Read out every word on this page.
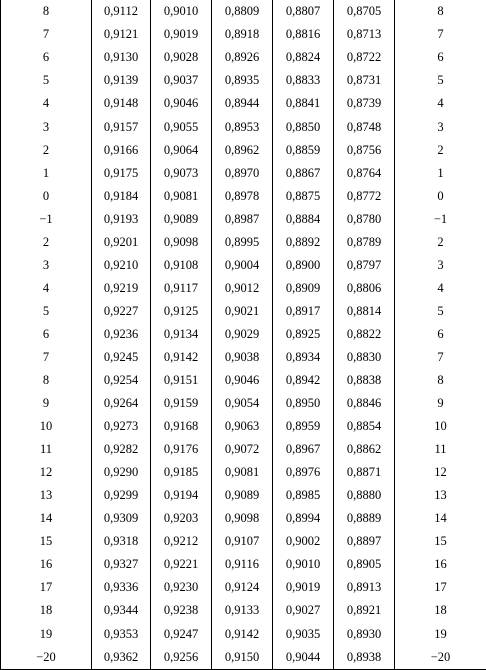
8	0,9112	0,9010	0,8809	0,8807	0,8705	8
7	0,9121	0,9019	0,8918	0,8816	0,8713	7
6	0,9130	0,9028	0,8926	0,8824	0,8722	6
5	0,9139	0,9037	0,8935	0,8833	0,8731	5
4	0,9148	0,9046	0,8944	0,8841	0,8739	4
3	0,9157	0,9055	0,8953	0,8850	0,8748	3
2	0,9166	0,9064	0,8962	0,8859	0,8756	2
1	0,9175	0,9073	0,8970	0,8867	0,8764	1
0	0,9184	0,9081	0,8978	0,8875	0,8772	0
−1	0,9193	0,9089	0,8987	0,8884	0,8780	−1
2	0,9201	0,9098	0,8995	0,8892	0,8789	2
3	0,9210	0,9108	0,9004	0,8900	0,8797	3
4	0,9219	0,9117	0,9012	0,8909	0,8806	4
5	0,9227	0,9125	0,9021	0,8917	0,8814	5
6	0,9236	0,9134	0,9029	0,8925	0,8822	6
7	0,9245	0,9142	0,9038	0,8934	0,8830	7
8	0,9254	0,9151	0,9046	0,8942	0,8838	8
9	0,9264	0,9159	0,9054	0,8950	0,8846	9
10	0,9273	0,9168	0,9063	0,8959	0,8854	10
11	0,9282	0,9176	0,9072	0,8967	0,8862	11
12	0,9290	0,9185	0,9081	0,8976	0,8871	12
13	0,9299	0,9194	0,9089	0,8985	0,8880	13
14	0,9309	0,9203	0,9098	0,8994	0,8889	14
15	0,9318	0,9212	0,9107	0,9002	0,8897	15
16	0,9327	0,9221	0,9116	0,9010	0,8905	16
17	0,9336	0,9230	0,9124	0,9019	0,8913	17
18	0,9344	0,9238	0,9133	0,9027	0,8921	18
19	0,9353	0,9247	0,9142	0,9035	0,8930	19
−20	0,9362	0,9256	0,9150	0,9044	0,8938	−20
